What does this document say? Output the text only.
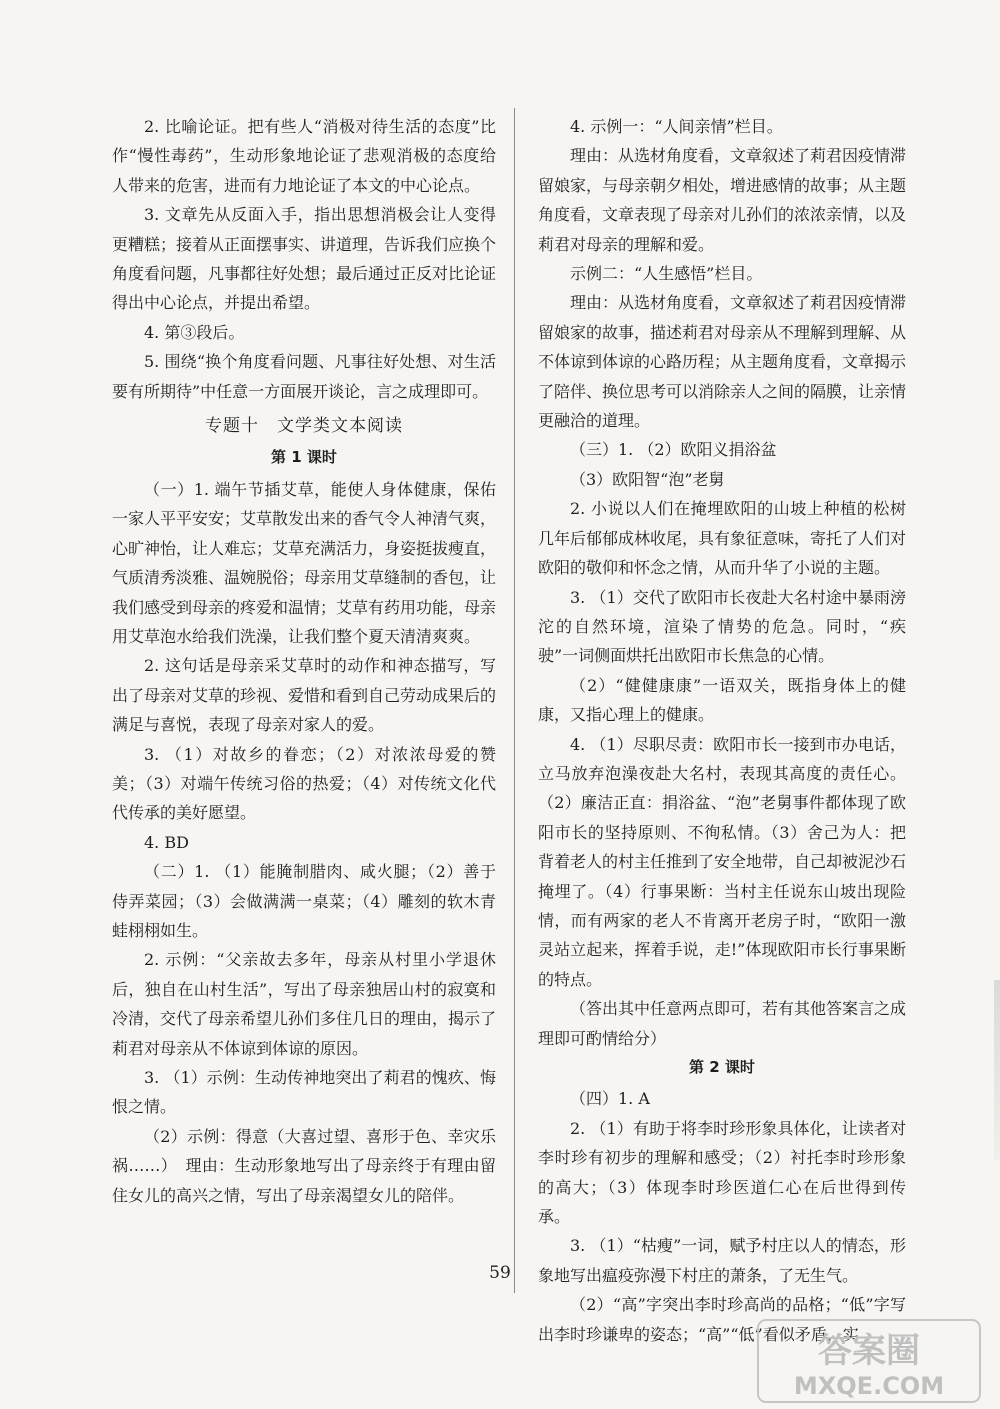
2. 比喻论证。把有些人“消极对待生活的态度”比作“慢性毒药”，生动形象地论证了悲观消极的态度给人带来的危害，进而有力地论证了本文的中心论点。

3. 文章先从反面入手，指出思想消极会让人变得更糟糕；接着从正面摆事实、讲道理，告诉我们应换个角度看问题，凡事都往好处想；最后通过正反对比论证得出中心论点，并提出希望。

4. 第③段后。

5. 围绕“换个角度看问题、凡事往好处想、对生活要有所期待”中任意一方面展开谈论，言之成理即可。

专题十　文学类文本阅读
第 1 课时

（一）1. 端午节插艾草，能使人身体健康，保佑一家人平平安安；艾草散发出来的香气令人神清气爽，心旷神怡，让人难忘；艾草充满活力，身姿挺拔瘦直，气质清秀淡雅、温婉脱俗；母亲用艾草缝制的香包，让我们感受到母亲的疼爱和温情；艾草有药用功能，母亲用艾草泡水给我们洗澡，让我们整个夏天清清爽爽。

2. 这句话是母亲采艾草时的动作和神态描写，写出了母亲对艾草的珍视、爱惜和看到自己劳动成果后的满足与喜悦，表现了母亲对家人的爱。

3. （1）对故乡的眷恋；（2）对浓浓母爱的赞美；（3）对端午传统习俗的热爱；（4）对传统文化代代传承的美好愿望。

4. BD

（二）1. （1）能腌制腊肉、咸火腿；（2）善于侍弄菜园；（3）会做满满一桌菜；（4）雕刻的软木青蛙栩栩如生。

2. 示例：“父亲故去多年，母亲从村里小学退休后，独自在山村生活”，写出了母亲独居山村的寂寞和冷清，交代了母亲希望儿孙们多住几日的理由，揭示了莉君对母亲从不体谅到体谅的原因。

3. （1）示例：生动传神地突出了莉君的愧疚、悔恨之情。

（2）示例：得意（大喜过望、喜形于色、幸灾乐祸……）　理由：生动形象地写出了母亲终于有理由留住女儿的高兴之情，写出了母亲渴望女儿的陪伴。

4. 示例一：“人间亲情”栏目。

理由：从选材角度看，文章叙述了莉君因疫情滞留娘家，与母亲朝夕相处，增进感情的故事；从主题角度看，文章表现了母亲对儿孙们的浓浓亲情，以及莉君对母亲的理解和爱。

示例二：“人生感悟”栏目。

理由：从选材角度看，文章叙述了莉君因疫情滞留娘家的故事，描述莉君对母亲从不理解到理解、从不体谅到体谅的心路历程；从主题角度看，文章揭示了陪伴、换位思考可以消除亲人之间的隔膜，让亲情更融洽的道理。

（三）1. （2）欧阳义捐浴盆

（3）欧阳智“泡”老舅

2. 小说以人们在掩埋欧阳的山坡上种植的松树几年后郁郁成林收尾，具有象征意味，寄托了人们对欧阳的敬仰和怀念之情，从而升华了小说的主题。

3. （1）交代了欧阳市长夜赴大名村途中暴雨滂沱的自然环境，渲染了情势的危急。同时，“疾驶”一词侧面烘托出欧阳市长焦急的心情。

（2）“健健康康”一语双关，既指身体上的健康，又指心理上的健康。

4. （1）尽职尽责：欧阳市长一接到市办电话，立马放弃泡澡夜赴大名村，表现其高度的责任心。（2）廉洁正直：捐浴盆、“泡”老舅事件都体现了欧阳市长的坚持原则、不徇私情。（3）舍己为人：把背着老人的村主任推到了安全地带，自己却被泥沙石掩埋了。（4）行事果断：当村主任说东山坡出现险情，而有两家的老人不肯离开老房子时，“欧阳一激灵站立起来，挥着手说，走!”体现欧阳市长行事果断的特点。

（答出其中任意两点即可，若有其他答案言之成理即可酌情给分）

第 2 课时

（四）1. A

2. （1）有助于将李时珍形象具体化，让读者对李时珍有初步的理解和感受；（2）衬托李时珍形象的高大；（3）体现李时珍医道仁心在后世得到传承。

3. （1）“枯瘦”一词，赋予村庄以人的情态，形象地写出瘟疫弥漫下村庄的萧条，了无生气。

（2）“高”字突出李时珍高尚的品格；“低”字写出李时珍谦卑的姿态；“高”“低”看似矛盾，实

59
答案圈
MXQE.COM
